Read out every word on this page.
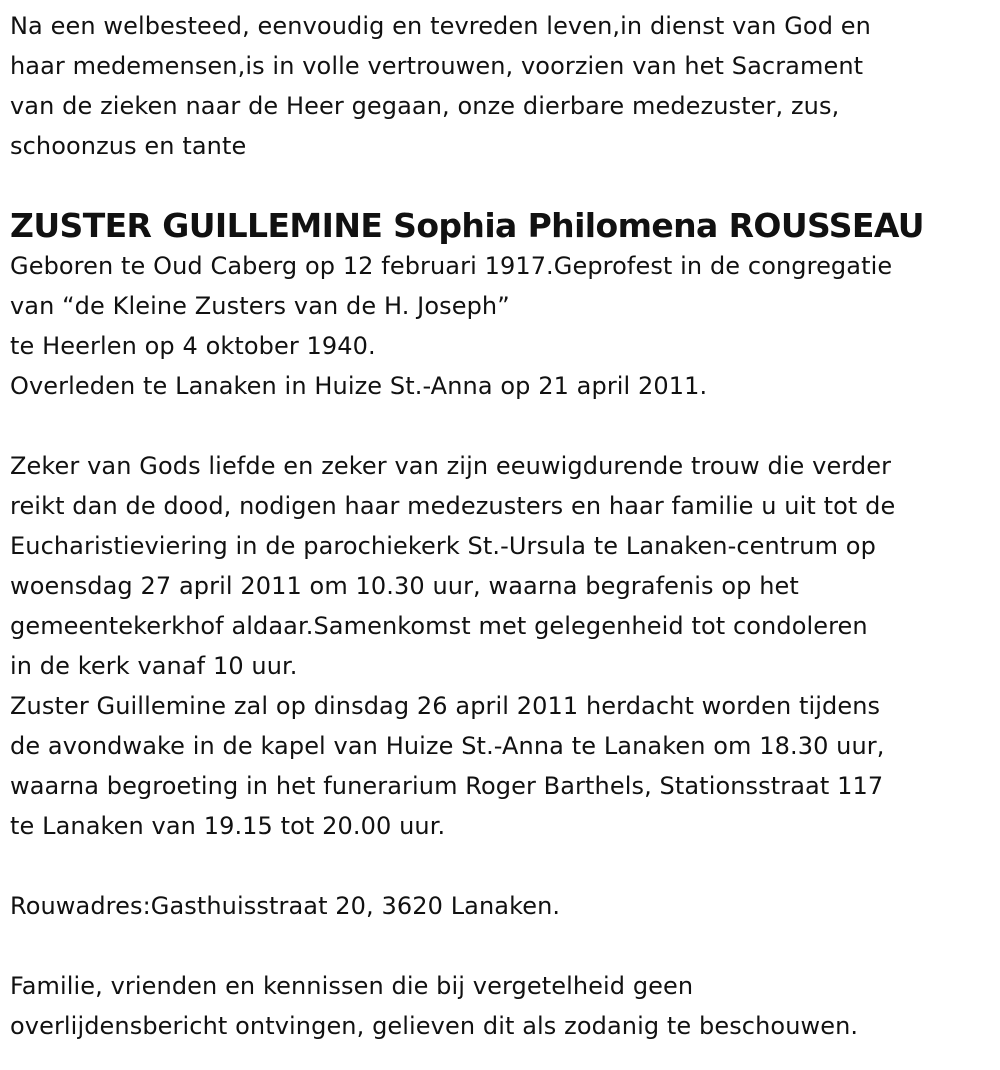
Na een welbesteed, eenvoudig en tevreden leven,in dienst van God en
haar medemensen,is in volle vertrouwen, voorzien van het Sacrament
van de zieken naar de Heer gegaan, onze dierbare medezuster, zus,
schoonzus en tante
ZUSTER GUILLEMINE Sophia Philomena ROUSSEAU
Geboren te Oud Caberg op 12 februari 1917.Geprofest in de congregatie
van “de Kleine Zusters van de H. Joseph”
te Heerlen op 4 oktober 1940.
Overleden te Lanaken in Huize St.-Anna op 21 april 2011.
Zeker van Gods liefde en zeker van zijn eeuwigdurende trouw die verder
reikt dan de dood, nodigen haar medezusters en haar familie u uit tot de
Eucharistieviering in de parochiekerk St.-Ursula te Lanaken-centrum op
woensdag 27 april 2011 om 10.30 uur, waarna begrafenis op het
gemeentekerkhof aldaar.Samenkomst met gelegenheid tot condoleren
in de kerk vanaf 10 uur.
Zuster Guillemine zal op dinsdag 26 april 2011 herdacht worden tijdens
de avondwake in de kapel van Huize St.-Anna te Lanaken om 18.30 uur,
waarna begroeting in het funerarium Roger Barthels, Stationsstraat 117
te Lanaken van 19.15 tot 20.00 uur.
Rouwadres:Gasthuisstraat 20, 3620 Lanaken.
Familie, vrienden en kennissen die bij vergetelheid geen
overlijdensbericht ontvingen, gelieven dit als zodanig te beschouwen.
